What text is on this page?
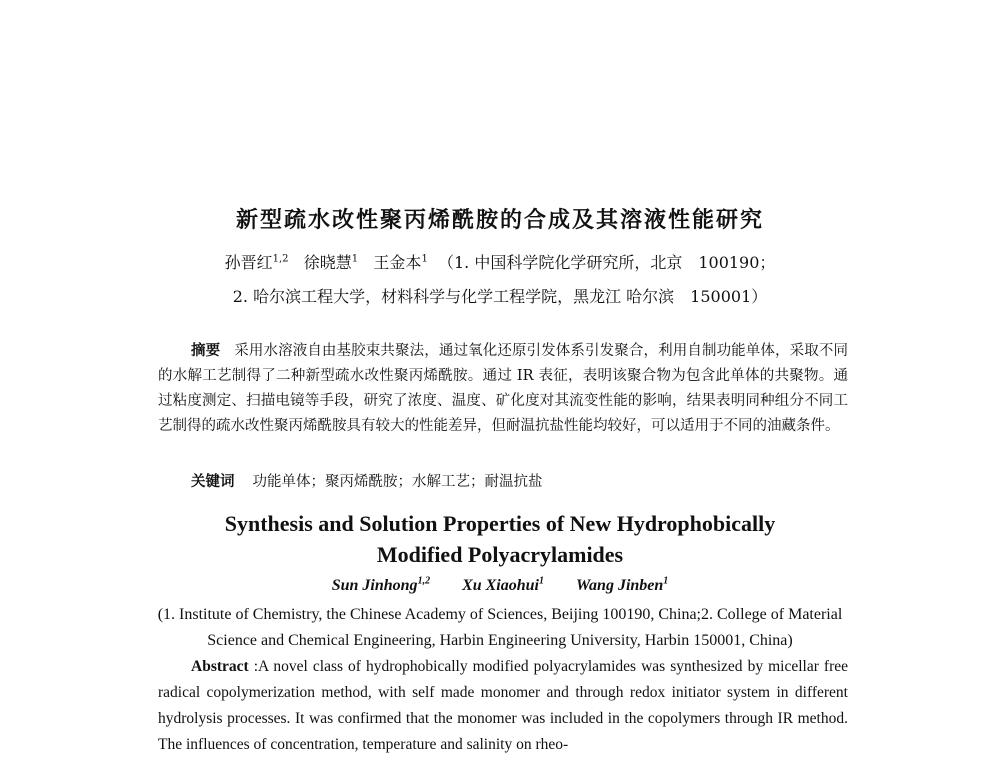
新型疏水改性聚丙烯酰胺的合成及其溶液性能研究
孙晋红$^{1,2}$ 徐晓慧$^1$ 王金本$^1$ （1. 中国科学院化学研究所，北京　100190；
2. 哈尔滨工程大学，材料科学与化学工程学院，黑龙江 哈尔滨　150001）
摘要 采用水溶液自由基胶束共聚法，通过氧化还原引发体系引发聚合，利用自制功能单体，采取不同的水解工艺制得了二种新型疏水改性聚丙烯酰胺。通过 IR 表征，表明该聚合物为包含此单体的共聚物。通过粘度测定、扫描电镜等手段，研究了浓度、温度、矿化度对其流变性能的影响，结果表明同种组分不同工艺制得的疏水改性聚丙烯酰胺具有较大的性能差异，但耐温抗盐性能均较好，可以适用于不同的油藏条件。
关键词 功能单体；聚丙烯酰胺；水解工艺；耐温抗盐
Synthesis and Solution Properties of New Hydrophobically
Modified Polyacrylamides
Sun Jinhong$^{1,2}$ Xu Xiaohui$^1$ Wang Jinben$^1$
(1. Institute of Chemistry, the Chinese Academy of Sciences, Beijing 100190, China;2. College of Material
Science and Chemical Engineering, Harbin Engineering University, Harbin 150001, China)
Abstract :A novel class of hydrophobically modified polyacrylamides was synthesized by micellar free radical copolymerization method, with self made monomer and through redox initiator system in different hydrolysis processes. It was confirmed that the monomer was included in the copolymers through IR method. The influences of concentration, temperature and salinity on rheo-
